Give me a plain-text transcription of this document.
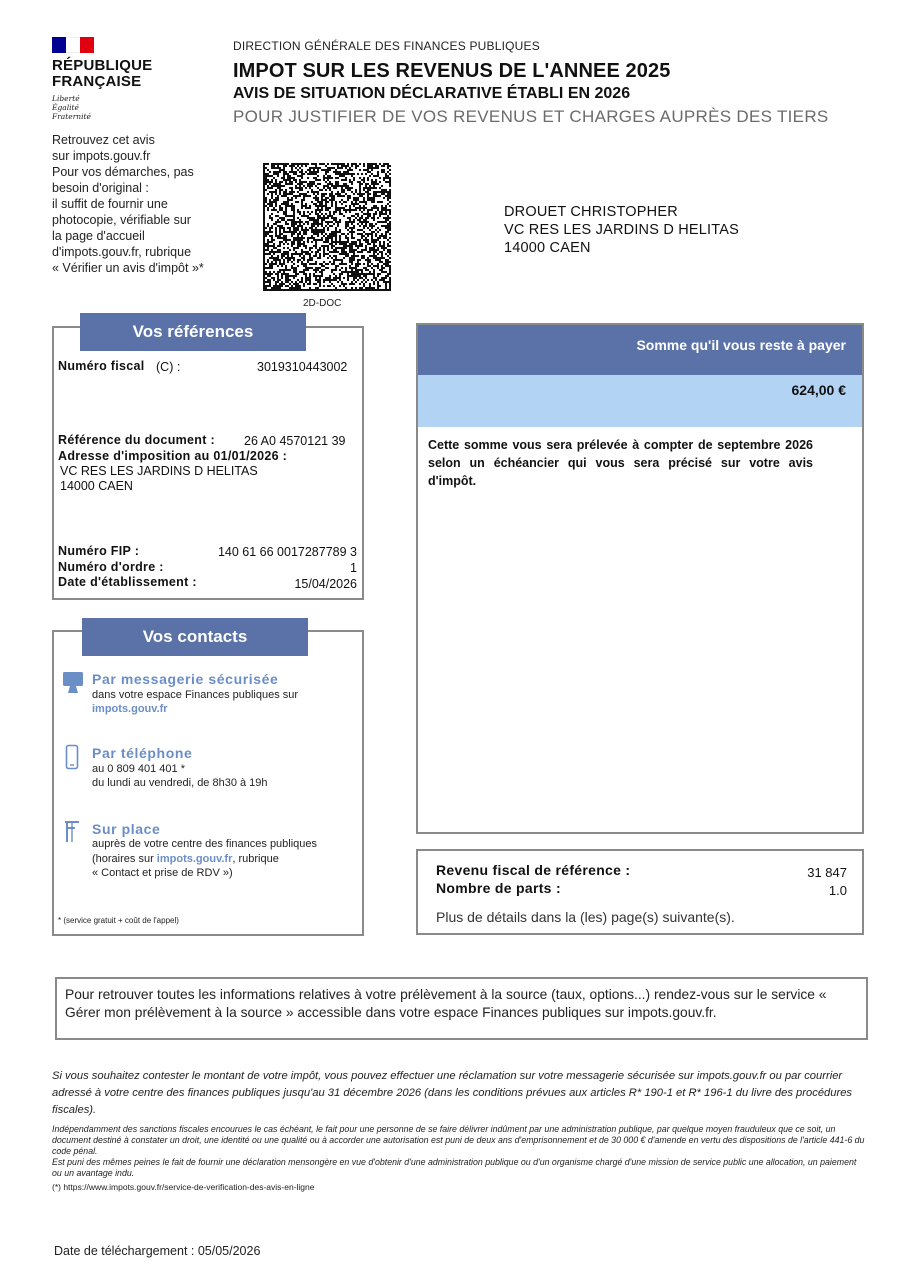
RÉPUBLIQUE
FRANÇAISE
Liberté
Égalité
Fraternité
DIRECTION GÉNÉRALE DES FINANCES PUBLIQUES
IMPOT SUR LES REVENUS DE L'ANNEE 2025
AVIS DE SITUATION DÉCLARATIVE ÉTABLI EN 2026
POUR JUSTIFIER DE VOS REVENUS ET CHARGES AUPRÈS DES TIERS
Retrouvez cet avis
sur impots.gouv.fr
Pour vos démarches, pas
besoin d'original :
il suffit de fournir une
photocopie, vérifiable sur
la page d'accueil
d'impots.gouv.fr, rubrique
« Vérifier un avis d'impôt »*
2D-DOC
DROUET CHRISTOPHER
VC RES LES JARDINS D HELITAS
14000 CAEN
Vos références
Numéro fiscal (C) :	3019310443002
Référence du document : 26 A0 4570121 39
Adresse d'imposition au 01/01/2026 :
VC RES LES JARDINS D HELITAS
14000 CAEN
Numéro FIP :	140 61 66 0017287789 3
Numéro d'ordre :	1
Date d'établissement :	15/04/2026
Vos contacts
Par messagerie sécurisée
dans votre espace Finances publiques sur
impots.gouv.fr
Par téléphone
au 0 809 401 401 *
du lundi au vendredi, de 8h30 à 19h
Sur place
auprès de votre centre des finances publiques
(horaires sur impots.gouv.fr, rubrique
« Contact et prise de RDV »)
* (service gratuit + coût de l'appel)
Somme qu'il vous reste à payer
624,00 €
Cette somme vous sera prélevée à compter de septembre 2026 selon un échéancier qui vous sera précisé sur votre avis d'impôt.
Revenu fiscal de référence :	31 847
Nombre de parts :	1.0
Plus de détails dans la (les) page(s) suivante(s).
Pour retrouver toutes les informations relatives à votre prélèvement à la source (taux, options...) rendez-vous sur le service « Gérer mon prélèvement à la source » accessible dans votre espace Finances publiques sur impots.gouv.fr.
Si vous souhaitez contester le montant de votre impôt, vous pouvez effectuer une réclamation sur votre messagerie sécurisée sur impots.gouv.fr ou par courrier adressé à votre centre des finances publiques jusqu'au 31 décembre 2026 (dans les conditions prévues aux articles R* 190-1 et R* 196-1 du livre des procédures fiscales).
Indépendamment des sanctions fiscales encourues le cas échéant, le fait pour une personne de se faire délivrer indûment par une administration publique, par quelque moyen frauduleux que ce soit, un document destiné à constater un droit, une identité ou une qualité ou à accorder une autorisation est puni de deux ans d'emprisonnement et de 30 000 € d'amende en vertu des dispositions de l'article 441-6 du code pénal.
Est puni des mêmes peines le fait de fournir une déclaration mensongère en vue d'obtenir d'une administration publique ou d'un organisme chargé d'une mission de service public une allocation, un paiement ou un avantage indu.
(*) https://www.impots.gouv.fr/service-de-verification-des-avis-en-ligne
Date de téléchargement : 05/05/2026
